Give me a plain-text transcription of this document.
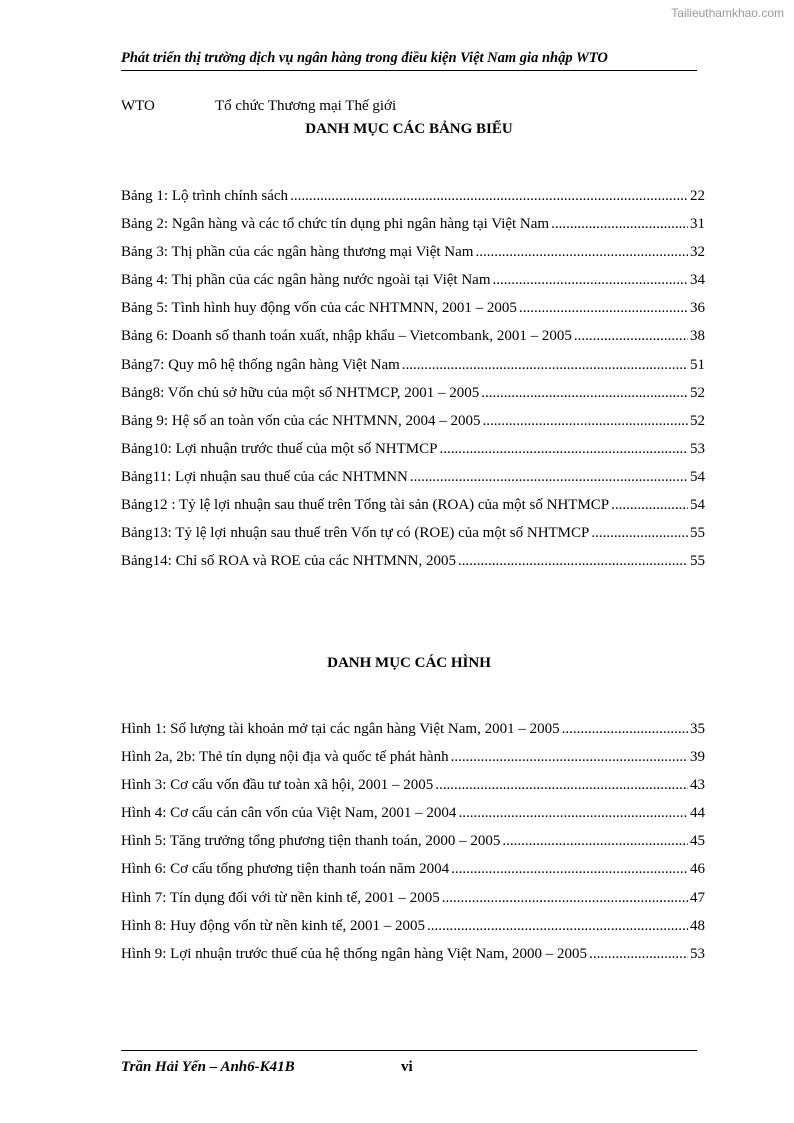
Tailieuthamkhao.com
Phát triển thị trường dịch vụ ngân hàng trong điều kiện Việt Nam gia nhập WTO
WTO	Tổ chức Thương mại Thế giới
DANH MỤC CÁC BẢNG BIỂU
Bảng 1: Lộ trình chính sách .....	22
Bảng 2: Ngân hàng và các tổ chức tín dụng phi ngân hàng tại Việt Nam .....	31
Bảng 3: Thị phần của các ngân hàng thương mại Việt Nam .....	32
Bảng 4: Thị phần của các ngân hàng nước ngoài tại Việt Nam .....	34
Bảng 5: Tình hình huy động vốn của các NHTMNN, 2001 – 2005 .....	36
Bảng 6: Doanh số thanh toán xuất, nhập khẩu – Vietcombank, 2001 – 2005 .....	38
Bảng7: Quy mô hệ thống ngân hàng Việt Nam .....	51
Bảng8: Vốn chủ sở hữu của một số NHTMCP, 2001 – 2005 .....	52
Bảng 9: Hệ số an toàn vốn của các NHTMNN, 2004 – 2005 .....	52
Bảng10: Lợi nhuận trước thuế của một số NHTMCP .....	53
Bảng11: Lợi nhuận sau thuế của các NHTMNN .....	54
Bảng12 : Tỷ lệ lợi nhuận sau thuế trên Tổng tài sản (ROA) của một số NHTMCP .....	54
Bảng13: Tỷ lệ lợi nhuận sau thuế trên Vốn tự có (ROE) của một số NHTMCP .....	55
Bảng14: Chỉ số ROA và ROE của các NHTMNN, 2005 .....	55
DANH MỤC CÁC HÌNH
Hình 1: Số lượng tài khoản mở tại các ngân hàng Việt Nam, 2001 – 2005 .....	35
Hình 2a, 2b: Thẻ tín dụng nội địa và quốc tế phát hành .....	39
Hình 3: Cơ cấu vốn đầu tư toàn xã hội, 2001 – 2005 .....	43
Hình 4: Cơ cấu cán cân vốn của Việt Nam, 2001 – 2004 .....	44
Hình 5: Tăng trưởng tổng phương tiện thanh toán, 2000 – 2005 .....	45
Hình 6: Cơ cấu tổng phương tiện thanh toán năm 2004 .....	46
Hình 7: Tín dụng đối với từ nền kinh tế, 2001 – 2005 .....	47
Hình 8: Huy động vốn từ nền kinh tế, 2001 – 2005 .....	48
Hình 9: Lợi nhuận trước thuế của hệ thống ngân hàng Việt Nam, 2000 – 2005 .....	53
Trần Hải Yến – Anh6-K41B	vi
